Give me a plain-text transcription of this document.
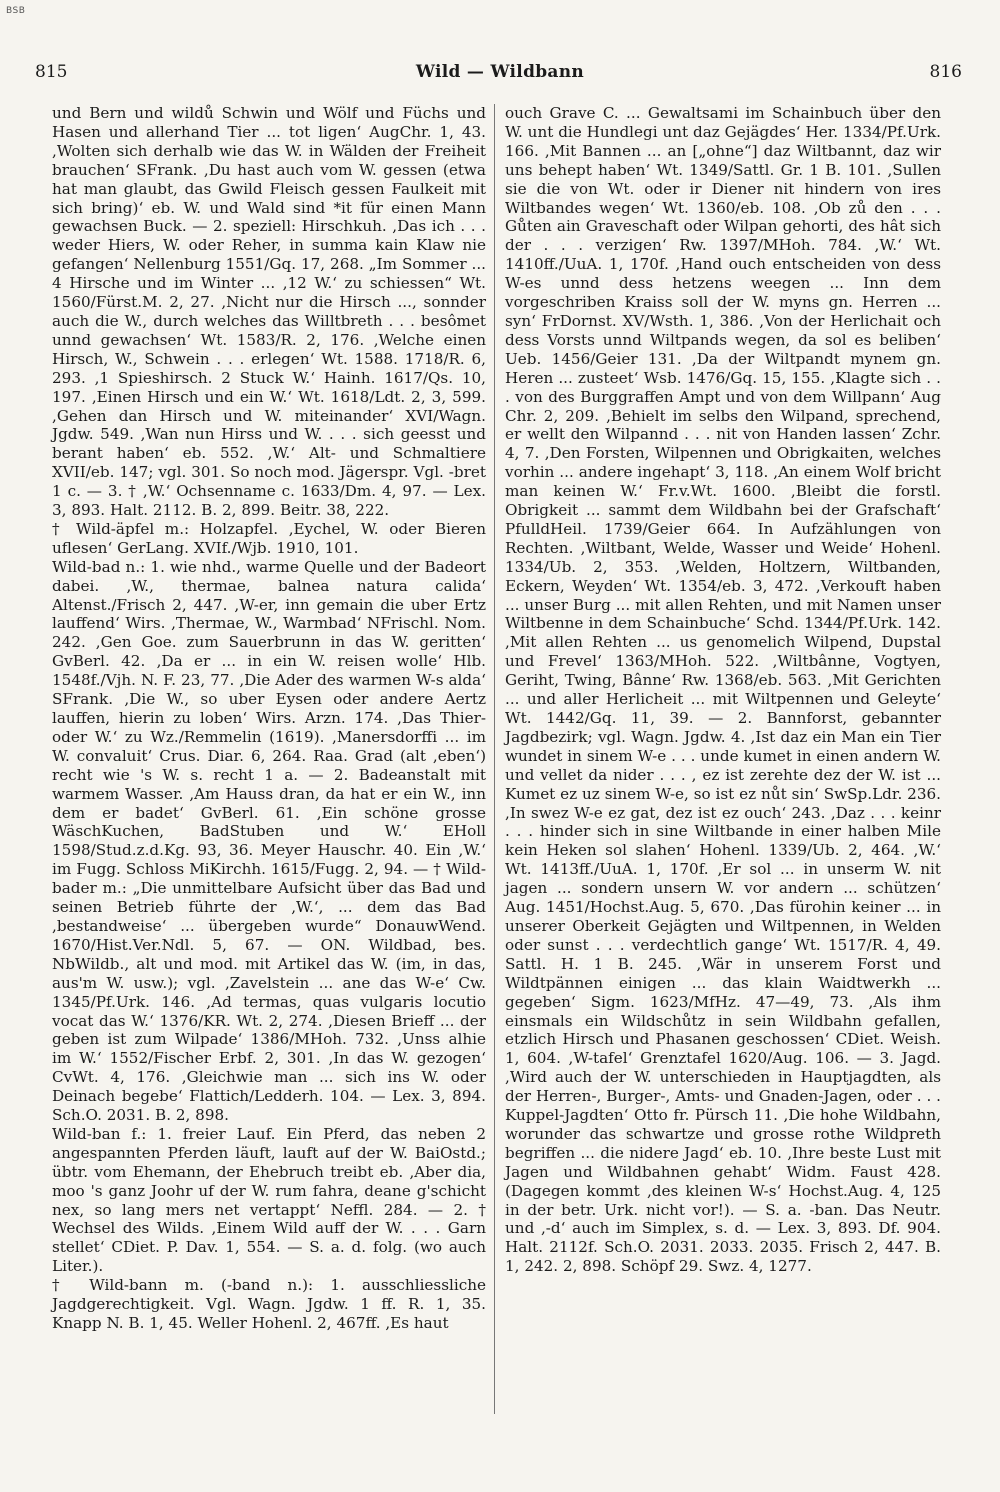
BSB
815	Wild — Wildbann	816

und Bern und wildů Schwin und Wölf und Füchs und Hasen und allerhand Tier ... tot ligen‘ AugChr. 1, 43. ,Wolten sich derhalb wie das W. in Wälden der Freiheit brauchen‘ SFrank. ,Du hast auch vom W. gessen (etwa hat man glaubt, das Gwild Fleisch gessen Faulkeit mit sich bring)‘ eb. W. und Wald sind *it für einen Mann gewachsen Buck. — 2. speziell: Hirschkuh. ,Das ich . . . weder Hiers, W. oder Reher, in summa kain Klaw nie gefangen‘ Nellenburg 1551/Gq. 17, 268. „Im Sommer ... 4 Hirsche und im Winter ... ,12 W.‘ zu schiessen“ Wt. 1560/Fürst.M. 2, 27. ,Nicht nur die Hirsch ..., sonnder auch die W., durch welches das Willtbreth . . . besômet unnd gewachsen‘ Wt. 1583/R. 2, 176. ,Welche einen Hirsch, W., Schwein . . . erlegen‘ Wt. 1588. 1718/R. 6, 293. ,1 Spieshirsch. 2 Stuck W.‘ Hainh. 1617/Qs. 10, 197. ,Einen Hirsch und ein W.‘ Wt. 1618/Ldt. 2, 3, 599. ,Gehen dan Hirsch und W. miteinander‘ XVI/Wagn. Jgdw. 549. ,Wan nun Hirss und W. . . . sich geesst und berant haben‘ eb. 552. ,W.‘ Alt- und Schmaltiere XVII/eb. 147; vgl. 301. So noch mod. Jägerspr. Vgl. -bret 1 c. — 3. † ,W.‘ Ochsenname c. 1633/Dm. 4, 97. — Lex. 3, 893. Halt. 2112. B. 2, 899. Beitr. 38, 222.

† Wild-äpfel m.: Holzapfel. ,Eychel, W. oder Bieren uflesen‘ GerLang. XVIf./Wjb. 1910, 101.

Wild-bad n.: 1. wie nhd., warme Quelle und der Badeort dabei. ,W., thermae, balnea natura calida‘ Altenst./Frisch 2, 447. ,W-er, inn gemain die uber Ertz lauffend‘ Wirs. ,Thermae, W., Warmbad‘ NFrischl. Nom. 242. ,Gen Goe. zum Sauerbrunn in das W. geritten‘ GvBerl. 42. ,Da er ... in ein W. reisen wolle‘ Hlb. 1548f./Vjh. N. F. 23, 77. ,Die Ader des warmen W-s alda‘ SFrank. ,Die W., so uber Eysen oder andere Aertz lauffen, hierin zu loben‘ Wirs. Arzn. 174. ,Das Thier- oder W.‘ zu Wz./Remmelin (1619). ,Manersdorffi ... im W. convaluit‘ Crus. Diar. 6, 264. Raa. Grad (alt ,eben‘) recht wie 's W. s. recht 1 a. — 2. Badeanstalt mit warmem Wasser. ,Am Hauss dran, da hat er ein W., inn dem er badet‘ GvBerl. 61. ,Ein schöne grosse WäschKuchen, BadStuben und W.‘ EHoll 1598/Stud.z.d.Kg. 93, 36. Meyer Hauschr. 40. Ein ,W.‘ im Fugg. Schloss MiKirchh. 1615/Fugg. 2, 94. — † Wild-bader m.: „Die unmittelbare Aufsicht über das Bad und seinen Betrieb führte der ,W.‘, ... dem das Bad ,bestandweise‘ ... übergeben wurde“ DonauwWend. 1670/Hist.Ver.Ndl. 5, 67. — ON. Wildbad, bes. NbWildb., alt und mod. mit Artikel das W. (im, in das, aus'm W. usw.); vgl. ,Zavelstein ... ane das W-e‘ Cw. 1345/Pf.Urk. 146. ,Ad termas, quas vulgaris locutio vocat das W.‘ 1376/KR. Wt. 2, 274. ,Diesen Brieff ... der geben ist zum Wilpade‘ 1386/MHoh. 732. ,Unss alhie im W.‘ 1552/Fischer Erbf. 2, 301. ,In das W. gezogen‘ CvWt. 4, 176. ,Gleichwie man ... sich ins W. oder Deinach begebe‘ Flattich/Ledderh. 104. — Lex. 3, 894. Sch.O. 2031. B. 2, 898.

Wild-ban f.: 1. freier Lauf. Ein Pferd, das neben 2 angespannten Pferden läuft, lauft auf der W. BaiOstd.; übtr. vom Ehemann, der Ehebruch treibt eb. ,Aber dia, moo 's ganz Joohr uf der W. rum fahra, deane g'schicht nex, so lang mers net vertappt‘ Neffl. 284. — 2. † Wechsel des Wilds. ,Einem Wild auff der W. . . . Garn stellet‘ CDiet. P. Dav. 1, 554. — S. a. d. folg. (wo auch Liter.).

† Wild-bann m. (-band n.): 1. ausschliessliche Jagdgerechtigkeit. Vgl. Wagn. Jgdw. 1 ff. R. 1, 35. Knapp N. B. 1, 45. Weller Hohenl. 2, 467ff. ,Es haut

ouch Grave C. ... Gewaltsami im Schainbuch über den W. unt die Hundlegi unt daz Gejägdes‘ Her. 1334/Pf.Urk. 166. ,Mit Bannen ... an [„ohne“] daz Wiltbannt, daz wir uns behept haben‘ Wt. 1349/Sattl. Gr. 1 B. 101. ,Sullen sie die von Wt. oder ir Diener nit hindern von ires Wiltbandes wegen‘ Wt. 1360/eb. 108. ,Ob zů den . . . Gůten ain Graveschaft oder Wilpan gehorti, des hât sich der . . . verzigen‘ Rw. 1397/MHoh. 784. ,W.‘ Wt. 1410ff./UuA. 1, 170f. ,Hand ouch entscheiden von dess W-es unnd dess hetzens weegen ... Inn dem vorgeschriben Kraiss soll der W. myns gn. Herren ... syn‘ FrDornst. XV/Wsth. 1, 386. ,Von der Herlichait och dess Vorsts unnd Wiltpands wegen, da sol es beliben‘ Ueb. 1456/Geier 131. ,Da der Wiltpandt mynem gn. Heren ... zusteet‘ Wsb. 1476/Gq. 15, 155. ,Klagte sich . . . von des Burggraffen Ampt und von dem Willpann‘ Aug Chr. 2, 209. ,Behielt im selbs den Wilpand, sprechend, er wellt den Wilpannd . . . nit von Handen lassen‘ Zchr. 4, 7. ,Den Forsten, Wilpennen und Obrigkaiten, welches vorhin ... andere ingehapt‘ 3, 118. ,An einem Wolf bricht man keinen W.‘ Fr.v.Wt. 1600. ,Bleibt die forstl. Obrigkeit ... sammt dem Wildbahn bei der Grafschaft‘ PfulldHeil. 1739/Geier 664. In Aufzählungen von Rechten. ,Wiltbant, Welde, Wasser und Weide‘ Hohenl. 1334/Ub. 2, 353. ,Welden, Holtzern, Wiltbanden, Eckern, Weyden‘ Wt. 1354/eb. 3, 472. ,Verkouft haben ... unser Burg ... mit allen Rehten, und mit Namen unser Wiltbenne in dem Schainbuche‘ Schd. 1344/Pf.Urk. 142. ,Mit allen Rehten ... us genomelich Wilpend, Dupstal und Frevel‘ 1363/MHoh. 522. ,Wiltbânne, Vogtyen, Geriht, Twing, Bânne‘ Rw. 1368/eb. 563. ,Mit Gerichten ... und aller Herlicheit ... mit Wiltpennen und Geleyte‘ Wt. 1442/Gq. 11, 39. — 2. Bannforst, gebannter Jagdbezirk; vgl. Wagn. Jgdw. 4. ,Ist daz ein Man ein Tier wundet in sinem W-e . . . unde kumet in einen andern W. und vellet da nider . . . , ez ist zerehte dez der W. ist ... Kumet ez uz sinem W-e, so ist ez nůt sin‘ SwSp.Ldr. 236. ,In swez W-e ez gat, dez ist ez ouch‘ 243. ,Daz . . . keinr . . . hinder sich in sine Wiltbande in einer halben Mile kein Heken sol slahen‘ Hohenl. 1339/Ub. 2, 464. ,W.‘ Wt. 1413ff./UuA. 1, 170f. ,Er sol ... in unserm W. nit jagen ... sondern unsern W. vor andern ... schützen‘ Aug. 1451/Hochst.Aug. 5, 670. ,Das fürohin keiner ... in unserer Oberkeit Gejägten und Wiltpennen, in Welden oder sunst . . . verdechtlich gange‘ Wt. 1517/R. 4, 49. Sattl. H. 1 B. 245. ,Wär in unserem Forst und Wildtpännen einigen ... das klain Waidtwerkh ... gegeben‘ Sigm. 1623/MfHz. 47—49, 73. ,Als ihm einsmals ein Wildschůtz in sein Wildbahn gefallen, etzlich Hirsch und Phasanen geschossen‘ CDiet. Weish. 1, 604. ,W-tafel‘ Grenztafel 1620/Aug. 106. — 3. Jagd. ,Wird auch der W. unterschieden in Hauptjagdten, als der Herren-, Burger-, Amts- und Gnaden-Jagen, oder . . . Kuppel-Jagdten‘ Otto fr. Pürsch 11. ,Die hohe Wildbahn, worunder das schwartze und grosse rothe Wildpreth begriffen ... die nidere Jagd‘ eb. 10. ,Ihre beste Lust mit Jagen und Wildbahnen gehabt‘ Widm. Faust 428. (Dagegen kommt ,des kleinen W-s‘ Hochst.Aug. 4, 125 in der betr. Urk. nicht vor!). — S. a. -ban. Das Neutr. und ,-d‘ auch im Simplex, s. d. — Lex. 3, 893. Df. 904. Halt. 2112f. Sch.O. 2031. 2033. 2035. Frisch 2, 447. B. 1, 242. 2, 898. Schöpf 29. Swz. 4, 1277.
